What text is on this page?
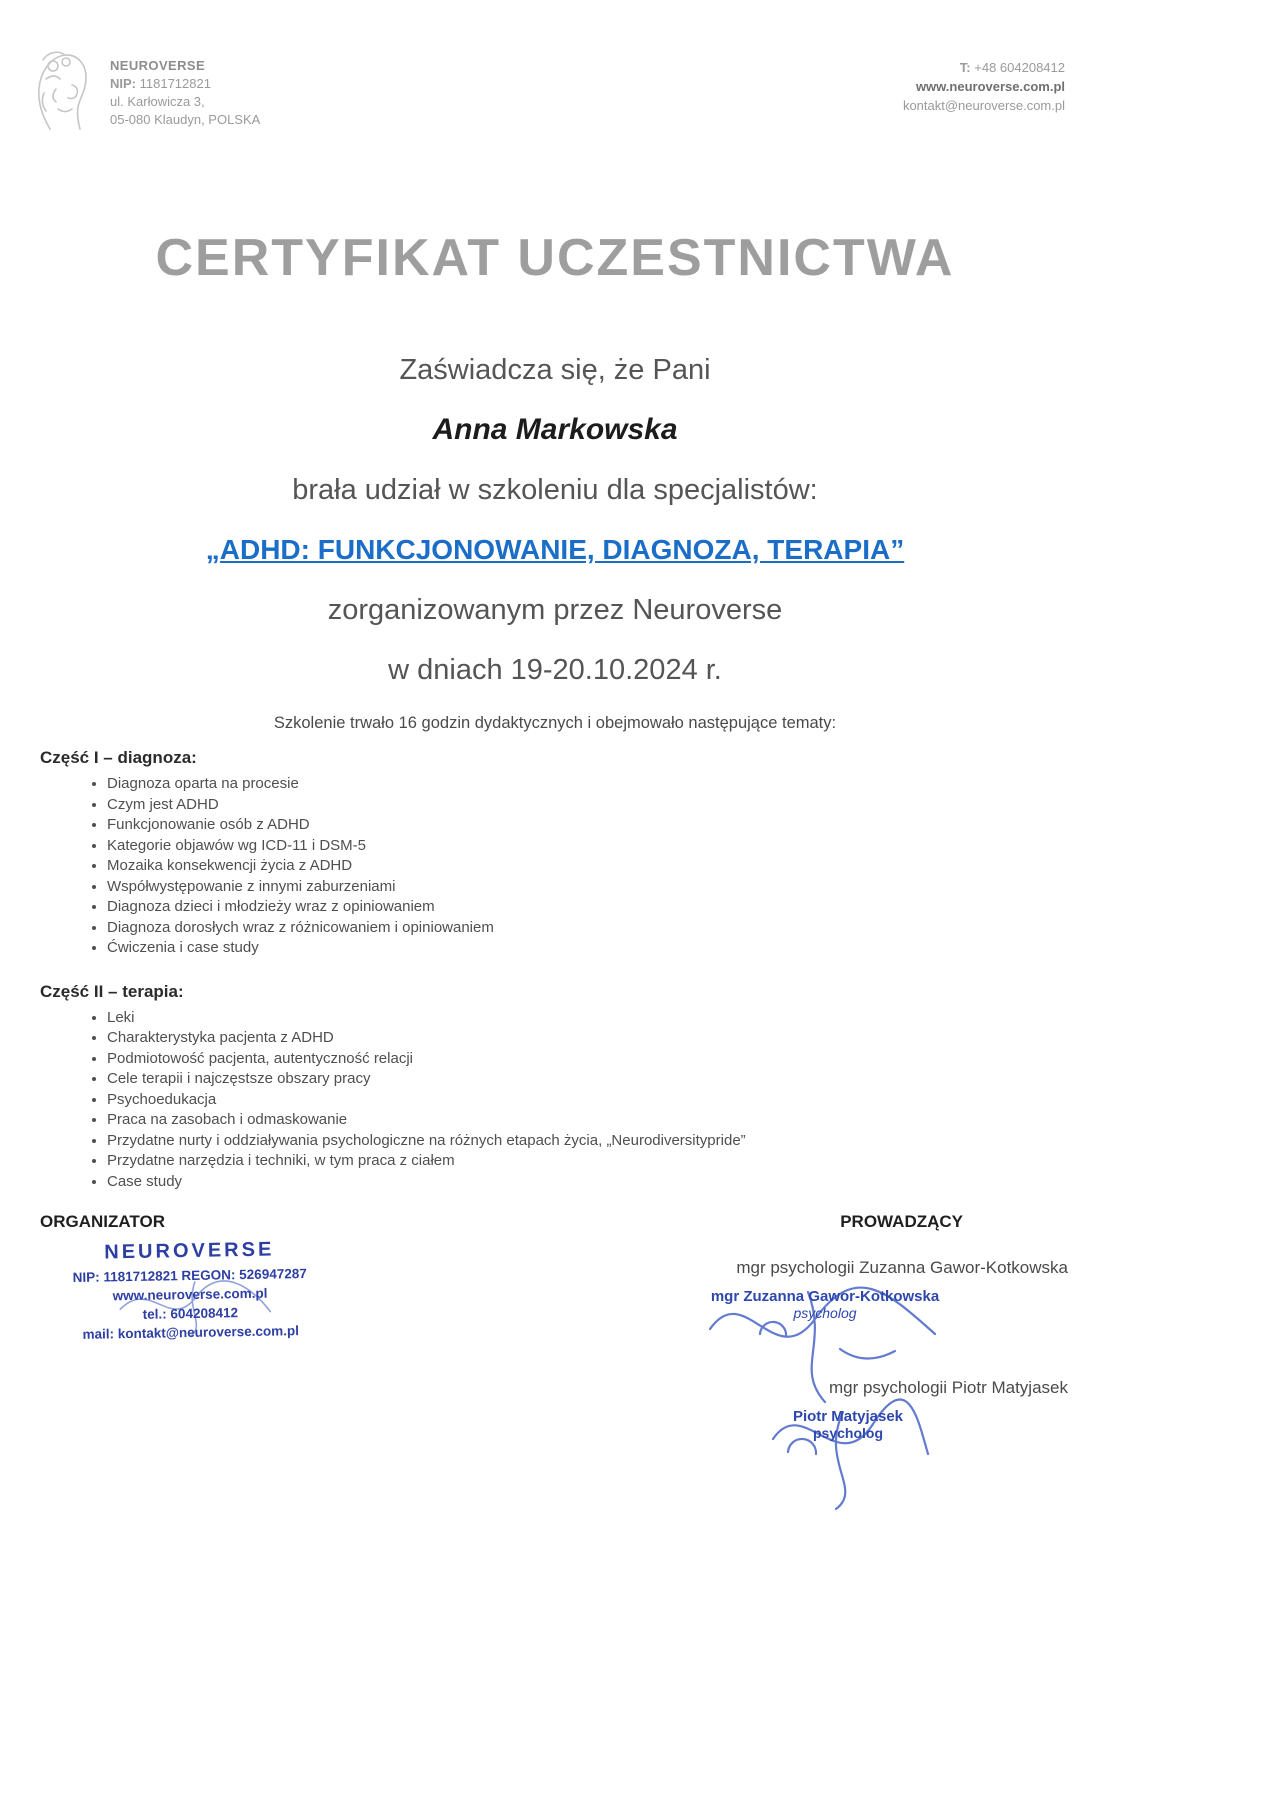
NEUROVERSE
NIP: 1181712821
ul. Karłowicza 3,
05-080 Klaudyn, POLSKA
T: +48 604208412
www.neuroverse.com.pl
kontakt@neuroverse.com.pl
CERTYFIKAT UCZESTNICTWA

Zaświadcza się, że Pani

Anna Markowska

brała udział w szkoleniu dla specjalistów:

„ADHD: FUNKCJONOWANIE, DIAGNOZA, TERAPIA”

zorganizowanym przez Neuroverse

w dniach 19-20.10.2024 r.

Szkolenie trwało 16 godzin dydaktycznych i obejmowało następujące tematy:

Część I – diagnoza:
• Diagnoza oparta na procesie
• Czym jest ADHD
• Funkcjonowanie osób z ADHD
• Kategorie objawów wg ICD-11 i DSM-5
• Mozaika konsekwencji życia z ADHD
• Współwystępowanie z innymi zaburzeniami
• Diagnoza dzieci i młodzieży wraz z opiniowaniem
• Diagnoza dorosłych wraz z różnicowaniem i opiniowaniem
• Ćwiczenia i case study
Część II – terapia:
• Leki
• Charakterystyka pacjenta z ADHD
• Podmiotowość pacjenta, autentyczność relacji
• Cele terapii i najczęstsze obszary pracy
• Psychoedukacja
• Praca na zasobach i odmaskowanie
• Przydatne nurty i oddziaływania psychologiczne na różnych etapach życia, „Neurodiversitypride”
• Przydatne narzędzia i techniki, w tym praca z ciałem
• Case study
ORGANIZATOR	PROWADZĄCY
NEUROVERSE
NIP: 1181712821 REGON: 526947287
www.neuroverse.com.pl
tel.: 604208412
mail: kontakt@neuroverse.com.pl

mgr psychologii Zuzanna Gawor-Kotkowska

mgr Zuzanna Gawor-Kotkowska
psycholog

mgr psychologii Piotr Matyjasek

Piotr Matyjasek
psycholog
